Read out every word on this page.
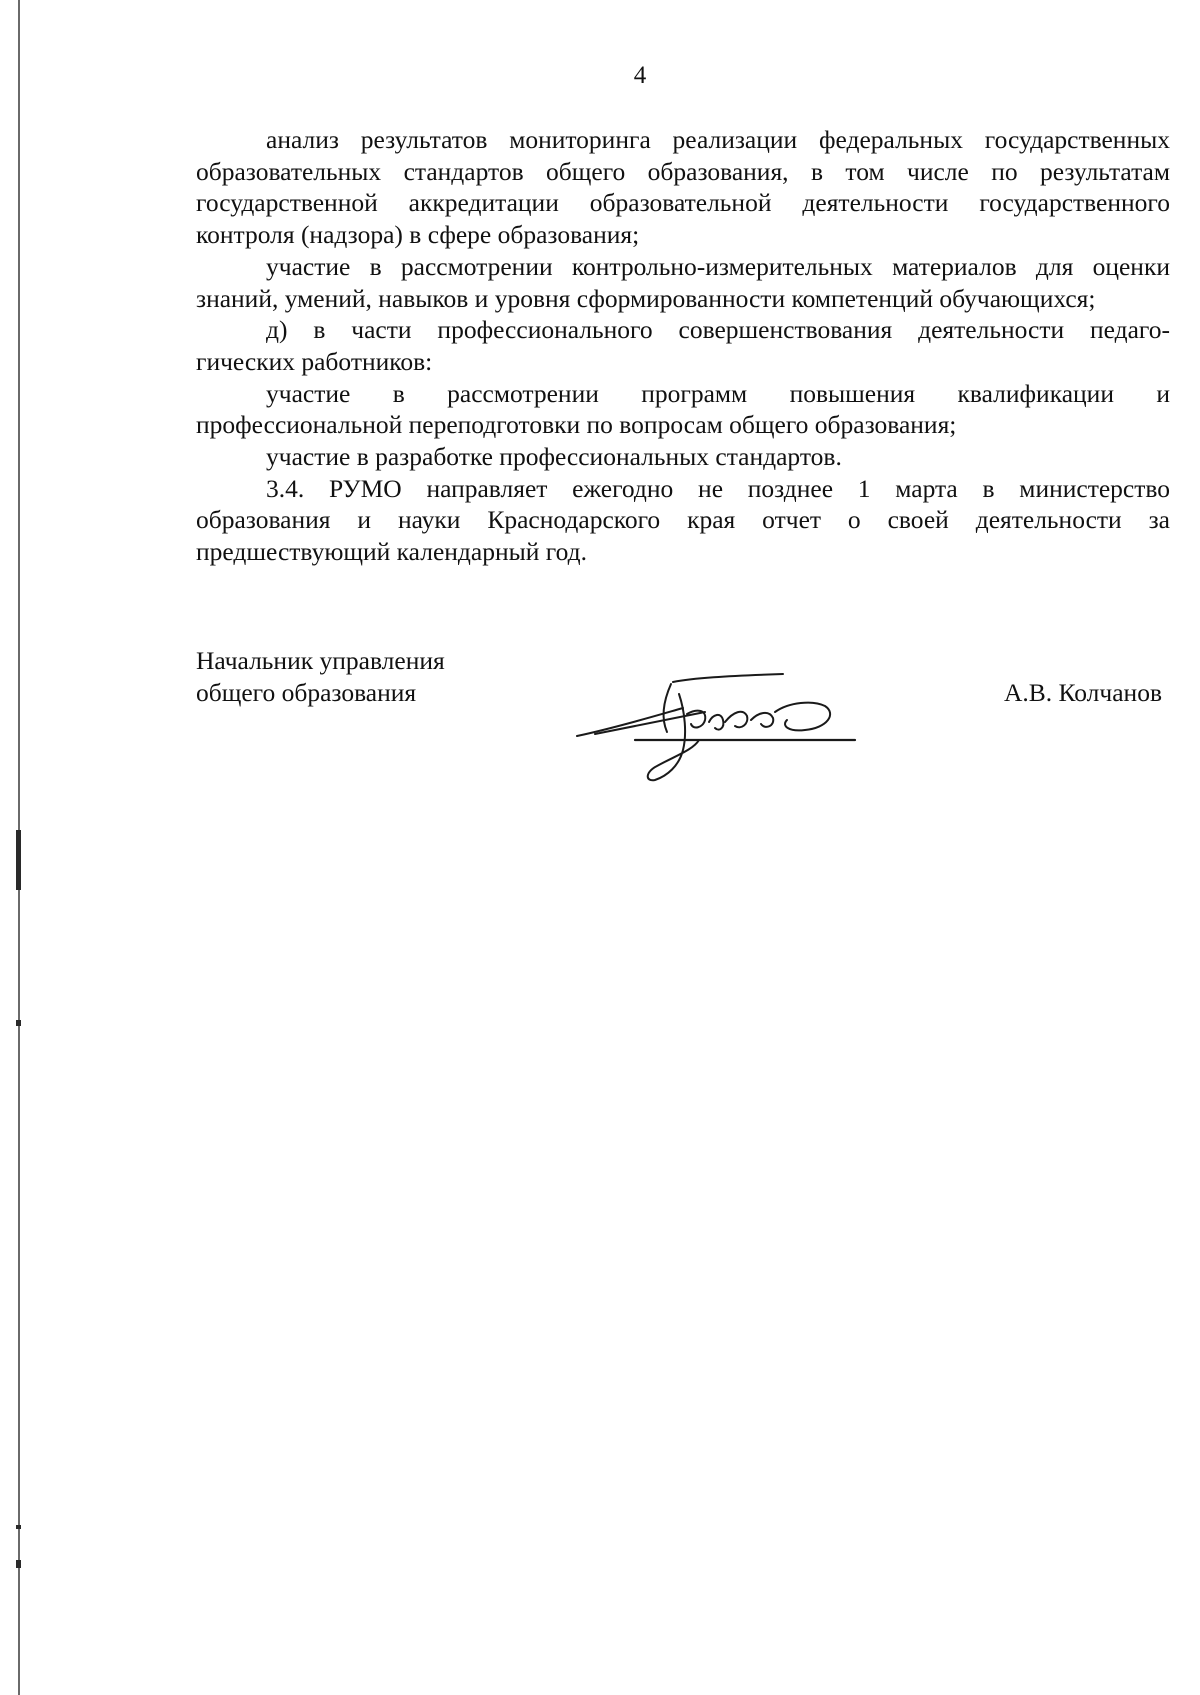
4
анализ результатов мониторинга реализации федеральных государственных
образовательных стандартов общего образования, в том числе по результатам
государственной аккредитации образовательной деятельности государственного
контроля (надзора) в сфере образования;
участие в рассмотрении контрольно-измерительных материалов для оценки
знаний, умений, навыков и уровня сформированности компетенций обучающихся;
д) в части профессионального совершенствования деятельности педаго-
гических работников:
участие в рассмотрении программ повышения квалификации и
профессиональной переподготовки по вопросам общего образования;
участие в разработке профессиональных стандартов.
3.4. РУМО направляет ежегодно не позднее 1 марта в министерство
образования и науки Краснодарского края отчет о своей деятельности за
предшествующий календарный год.
Начальник управления
общего образования	А.В. Колчанов
